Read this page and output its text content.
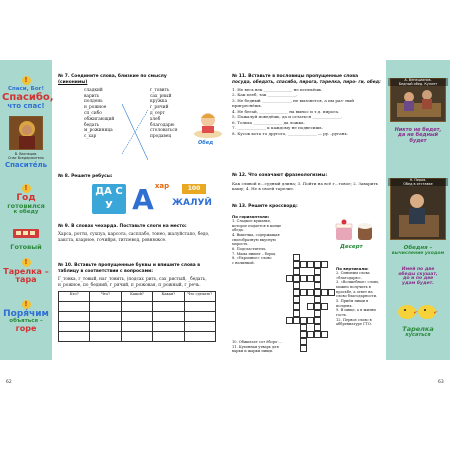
!
Спаси, Бог!
Спасибо,
что спас!
В. Васнецов.
Спас Вседержитель
Спасите́ль
!
Год
готовился
к обеду
Готовый
!
Тарелка –
тара
!
Поря́чим
объяться –
горе
№ 7. Соедините слова, близкие по смыслу
(синонимы)
сладкий
варить
полдень
н_рожное
сп_сибо
обжигающий
бедать
м_рожиница
с_хар
г_товить
сах_рный
кружка
г_рячий
д_серт
хлеб
благодарю
столоваться
продавец
Обед
№ 8. Решите ребусы:
ДА СУ А хар	100
ЖАЛУЙ
№ 9. В словах чехарда. Поставьте слоги на место:
Харса, ротти, сухпуа, карсота, сасплабо, тонео, жалуйстапо, бедо, хакста, кзарное, гочийря, титпевод, ровнюжсе.
№ 10. Вставьте пропущенные буквы и впишите слова в таблицу в соответствии с вопросами:
Г_товка, г_товый, наг_товить, (подсах_рить, сах_ристый, _бедать, н_рожное, по_бедний, г_рячий, п_рожовая, п_рожный, г_речь.
Кто?	Что?	Какой?	Какая?	Что сделать?

62
№ 11. Вставьте в пословицы пропущенные слова
посуда, обедать, спасибо, пирога, тарелка, пиро- ги, обед:
1. Не весь век ______________ не испекёшь.
2. Как хлеб, так ______________.
3. Не бедный ______________, не вызовется, а им раз- ный пригреснёшь.
4. Не бегай, ______________ на вынос и т.д. пирога.
5. Пожалуй поведёшь, да и остаться ______________.
6. Только ______________ да ложка.
7. ______________ к каждому не подвесишь.
8. Кусок кота то другого, ______________ — ру...ругань.
№ 12. Что означают фразеологизмы:
Как сливой п...судный длина; 3. Пойти на всё г...товое; 2. Заварить кашу; 4. Не в своей тарелке.
№ 13. Решите кроссворд:
По горизонтали:
1. Сладкое кушанье, которое подается в конце обеда.
4. Выпечка, содержащая своеобразную вкусную морость.
6. Подсластитель.
7. Мама пишет – борщ.
8. «Укромное» слово
с начинкой.
10. Обжигает сот ёборо-...
11. Кухонная утварь для варки и жарки пищи.
По вертикали:
2. Синоним слова «благодарю».
3. «Волшебное» слово, можно получить в просьбе, а ответ на слово благодарности.
5. Приём пищи в полдень.
9. В пище, а в жизни гость.
12. Первое слово в аббревиатуре ГТО.
Десерт
63
А. Венецианов.
Бедный обед. Куплет
Никто не бедет,
да не бедный
будет
Н. Перов.
Обед в отставке
Обедня –
вычисление уходом
Имей по две
обеды скушат,
до и по две
удам будет.
Тарелка
кусаться
